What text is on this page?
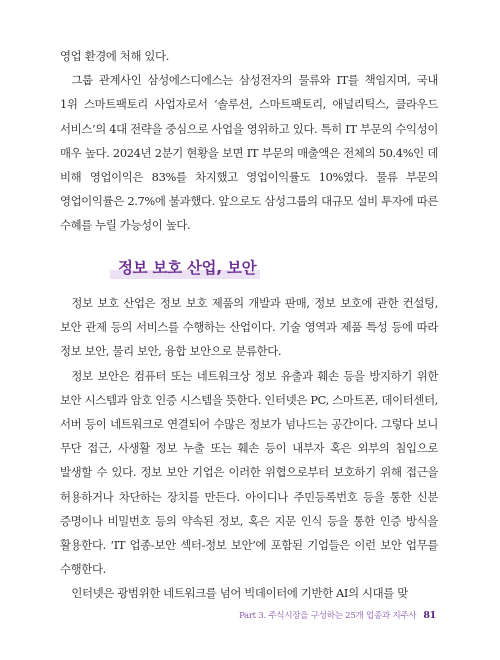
영업 환경에 처해 있다.

그룹 관계사인 삼성에스디에스는 삼성전자의 물류와 IT를 책임지며, 국내 1위 스마트팩토리 사업자로서 ‘솔루션, 스마트팩토리, 애널리틱스, 클라우드 서비스’의 4대 전략을 중심으로 사업을 영위하고 있다. 특히 IT 부문의 수익성이 매우 높다. 2024년 2분기 현황을 보면 IT 부문의 매출액은 전체의 50.4%인 데 비해 영업이익은 83%를 차지했고 영업이익률도 10%였다. 물류 부문의 영업이익률은 2.7%에 불과했다. 앞으로도 삼성그룹의 대규모 설비 투자에 따른 수혜를 누릴 가능성이 높다.

정보 보호 산업, 보안

정보 보호 산업은 정보 보호 제품의 개발과 판매, 정보 보호에 관한 컨설팅, 보안 관제 등의 서비스를 수행하는 산업이다. 기술 영역과 제품 특성 등에 따라 정보 보안, 물리 보안, 융합 보안으로 분류한다.

정보 보안은 컴퓨터 또는 네트워크상 정보 유출과 훼손 등을 방지하기 위한 보안 시스템과 암호 인증 시스템을 뜻한다. 인터넷은 PC, 스마트폰, 데이터센터, 서버 등이 네트워크로 연결되어 수많은 정보가 넘나드는 공간이다. 그렇다 보니 무단 접근, 사생활 정보 누출 또는 훼손 등이 내부자 혹은 외부의 침입으로 발생할 수 있다. 정보 보안 기업은 이러한 위협으로부터 보호하기 위해 접근을 허용하거나 차단하는 장치를 만든다. 아이디나 주민등록번호 등을 통한 신분 증명이나 비밀번호 등의 약속된 정보, 혹은 지문 인식 등을 통한 인증 방식을 활용한다. ‘IT 업종-보안 섹터-정보 보안’에 포함된 기업들은 이런 보안 업무를 수행한다.

인터넷은 광범위한 네트워크를 넘어 빅데이터에 기반한 AI의 시대를 맞

Part 3. 주식시장을 구성하는 25개 업종과 지주사 81
